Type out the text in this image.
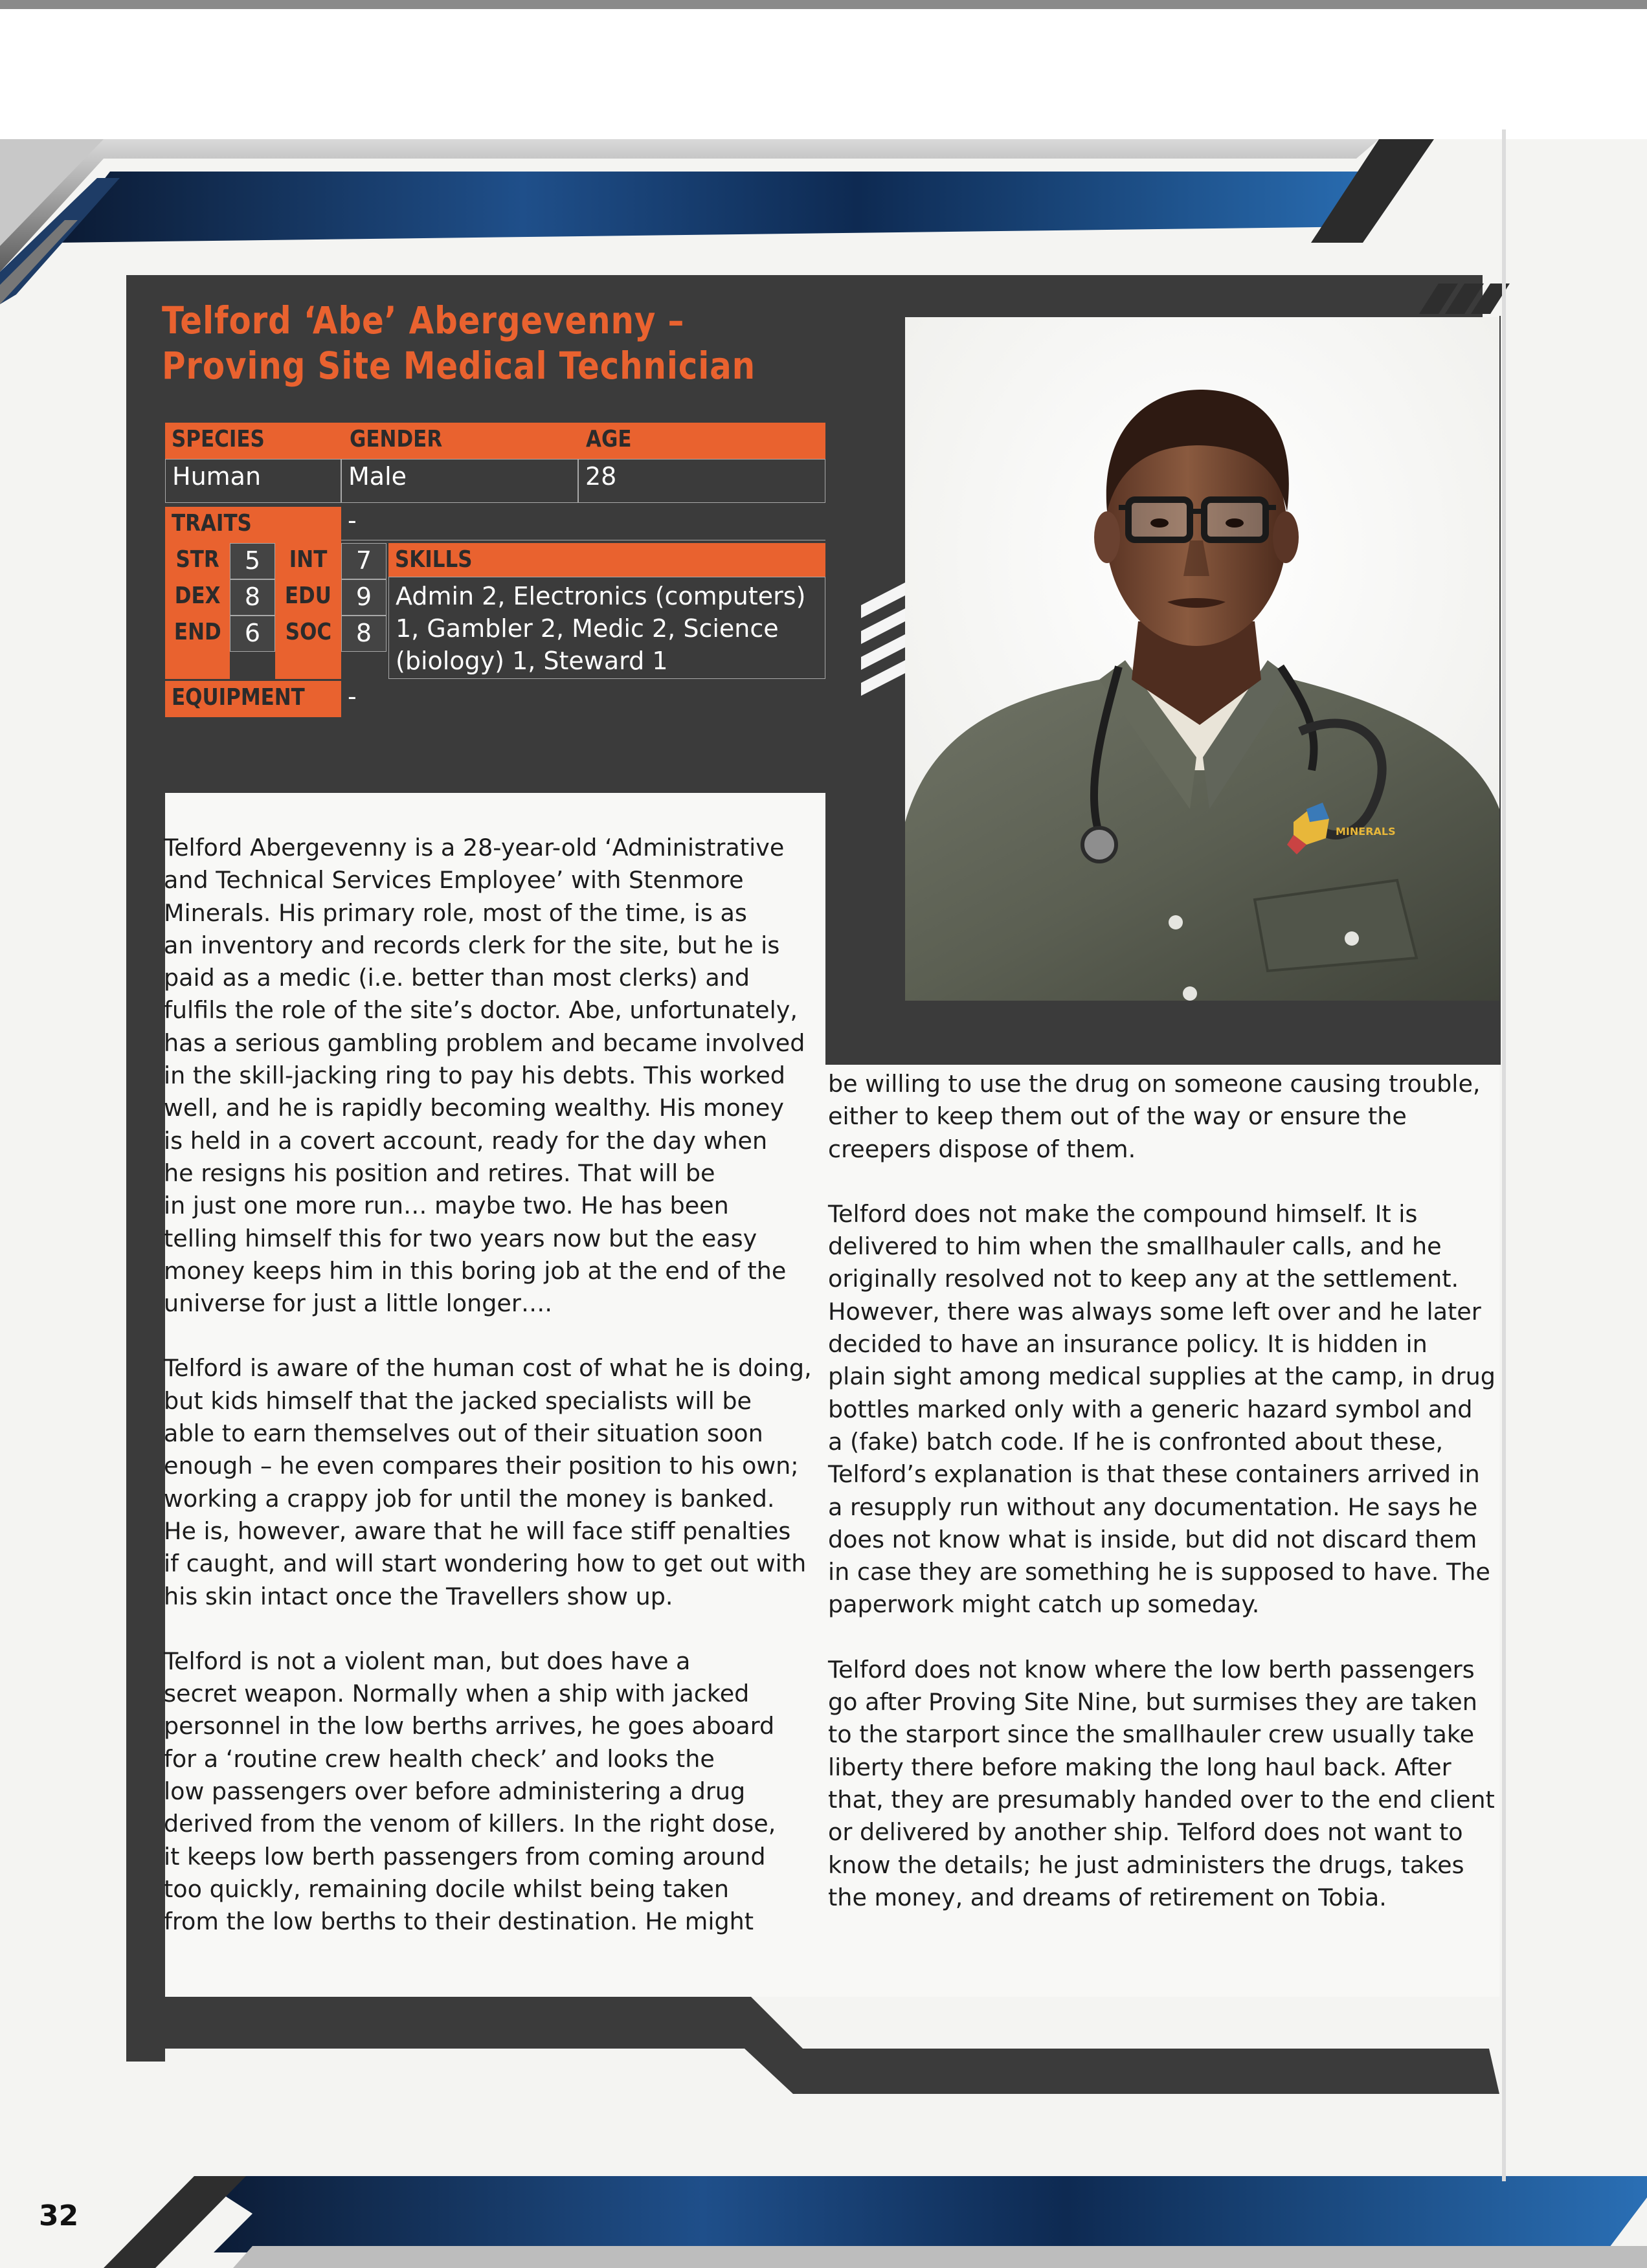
Telford ‘Abe’ Abergevenny –
Proving Site Medical Technician
SPECIES	GENDER	AGE
Human	Male	28
TRAITS	-
STR	5	INT	7
DEX 8	EDU 9
END 6	SOC	8
SKILLS
Admin 2, Electronics (computers)
1, Gambler 2, Medic 2, Science
(biology) 1, Steward 1
EQUIPMENT	-
MINERALS

Telford Abergevenny is a 28-year-old ‘Administrative
and Technical Services Employee’ with Stenmore
Minerals. His primary role, most of the time, is as
an inventory and records clerk for the site, but he is
paid as a medic (i.e. better than most clerks) and
fulfils the role of the site’s doctor. Abe, unfortunately,
has a serious gambling problem and became involved
in the skill-jacking ring to pay his debts. This worked
well, and he is rapidly becoming wealthy. His money
is held in a covert account, ready for the day when
he resigns his position and retires. That will be
in just one more run… maybe two. He has been
telling himself this for two years now but the easy
money keeps him in this boring job at the end of the
universe for just a little longer….

Telford is aware of the human cost of what he is doing,
but kids himself that the jacked specialists will be
able to earn themselves out of their situation soon
enough – he even compares their position to his own;
working a crappy job for until the money is banked.
He is, however, aware that he will face stiff penalties
if caught, and will start wondering how to get out with
his skin intact once the Travellers show up.

Telford is not a violent man, but does have a
secret weapon. Normally when a ship with jacked
personnel in the low berths arrives, he goes aboard
for a ‘routine crew health check’ and looks the
low passengers over before administering a drug
derived from the venom of killers. In the right dose,
it keeps low berth passengers from coming around
too quickly, remaining docile whilst being taken
from the low berths to their destination. He might

be willing to use the drug on someone causing trouble,
either to keep them out of the way or ensure the
creepers dispose of them.

Telford does not make the compound himself. It is
delivered to him when the smallhauler calls, and he
originally resolved not to keep any at the settlement.
However, there was always some left over and he later
decided to have an insurance policy. It is hidden in
plain sight among medical supplies at the camp, in drug
bottles marked only with a generic hazard symbol and
a (fake) batch code. If he is confronted about these,
Telford’s explanation is that these containers arrived in
a resupply run without any documentation. He says he
does not know what is inside, but did not discard them
in case they are something he is supposed to have. The
paperwork might catch up someday.

Telford does not know where the low berth passengers
go after Proving Site Nine, but surmises they are taken
to the starport since the smallhauler crew usually take
liberty there before making the long haul back. After
that, they are presumably handed over to the end client
or delivered by another ship. Telford does not want to
know the details; he just administers the drugs, takes
the money, and dreams of retirement on Tobia.

32
